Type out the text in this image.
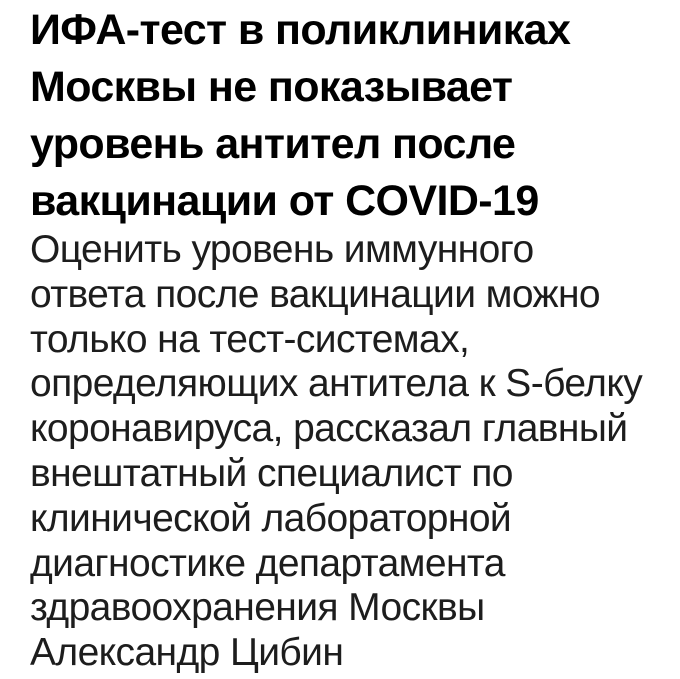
ИФА-тест в поликлиниках
Москвы не показывает
уровень антител после
вакцинации от COVID-19
Оценить уровень иммунного
ответа после вакцинации можно
только на тест-системах,
определяющих антитела к S-белку
коронавируса, рассказал главный
внештатный специалист по
клинической лабораторной
диагностике департамента
здравоохранения Москвы
Александр Цибин
